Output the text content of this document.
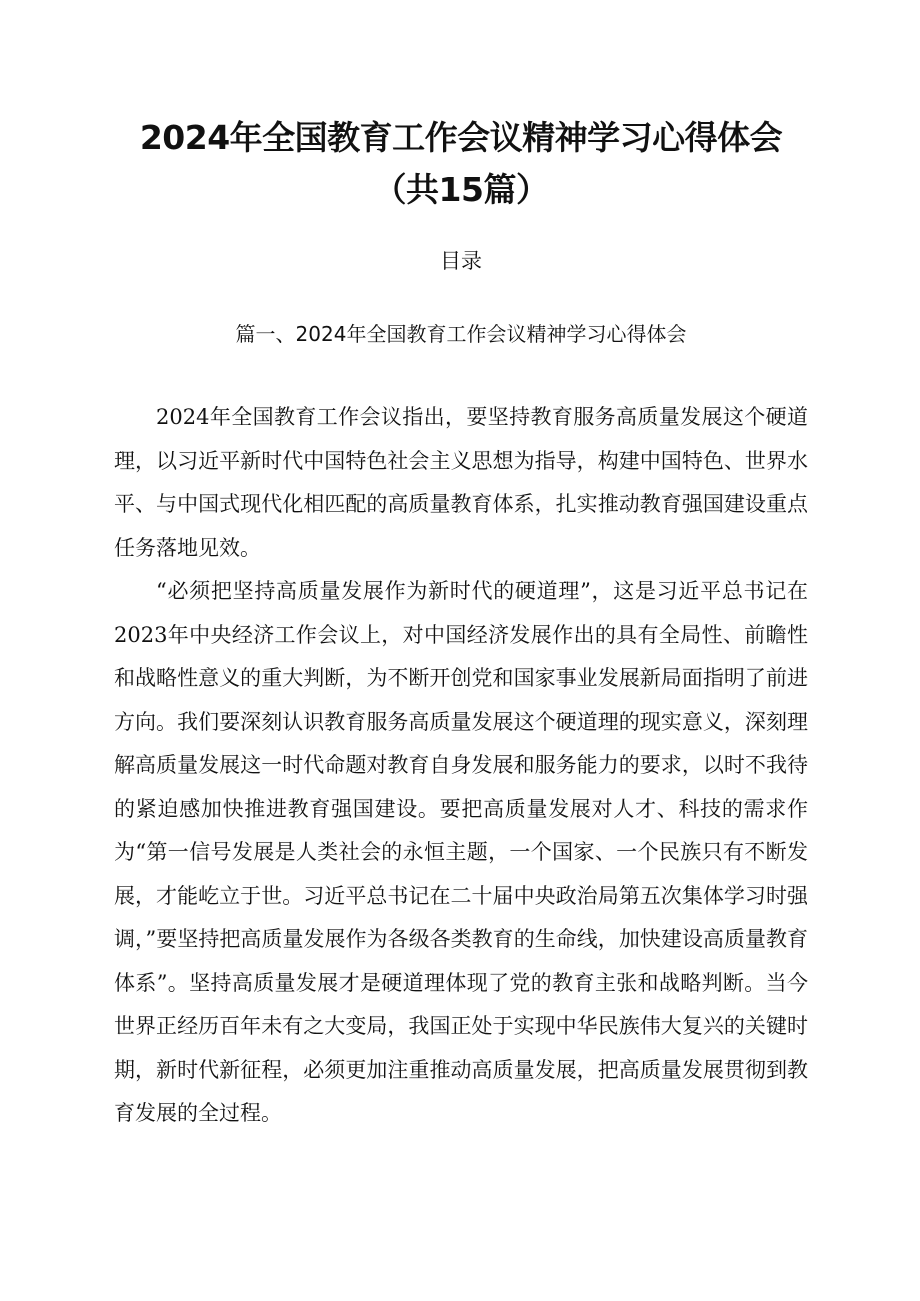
2024年全国教育工作会议精神学习心得体会（共15篇）
目录
篇一、2024年全国教育工作会议精神学习心得体会

2024年全国教育工作会议指出，要坚持教育服务高质量发展这个硬道理，以习近平新时代中国特色社会主义思想为指导，构建中国特色、世界水平、与中国式现代化相匹配的高质量教育体系，扎实推动教育强国建设重点任务落地见效。

“必须把坚持高质量发展作为新时代的硬道理”，这是习近平总书记在2023年中央经济工作会议上，对中国经济发展作出的具有全局性、前瞻性和战略性意义的重大判断，为不断开创党和国家事业发展新局面指明了前进方向。我们要深刻认识教育服务高质量发展这个硬道理的现实意义，深刻理解高质量发展这一时代命题对教育自身发展和服务能力的要求，以时不我待的紧迫感加快推进教育强国建设。要把高质量发展对人才、科技的需求作为“第一信号发展是人类社会的永恒主题，一个国家、一个民族只有不断发展，才能屹立于世。习近平总书记在二十届中央政治局第五次集体学习时强调，”要坚持把高质量发展作为各级各类教育的生命线，加快建设高质量教育体系”。坚持高质量发展才是硬道理体现了党的教育主张和战略判断。当今世界正经历百年未有之大变局，我国正处于实现中华民族伟大复兴的关键时期，新时代新征程，必须更加注重推动高质量发展，把高质量发展贯彻到教育发展的全过程。
